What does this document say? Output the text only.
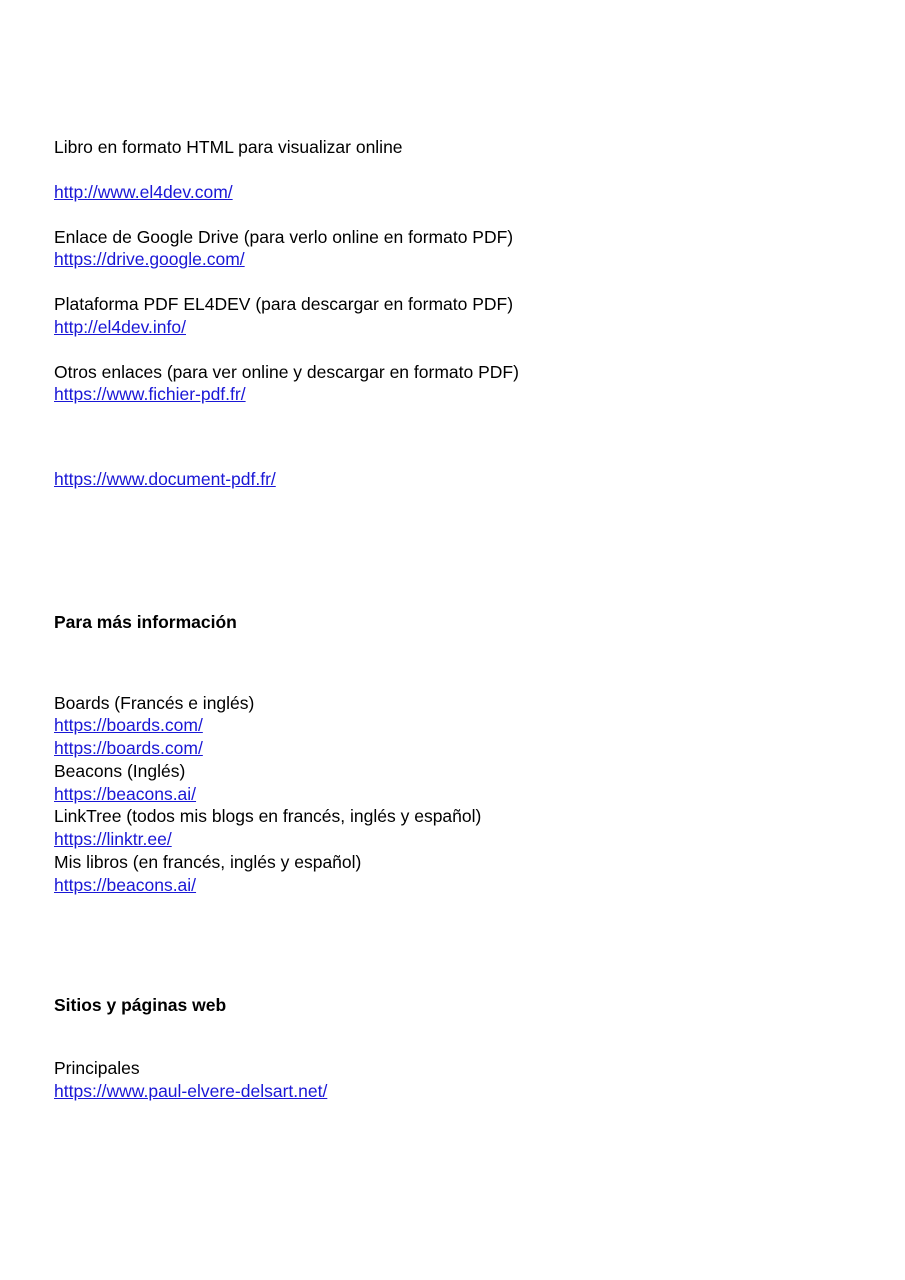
Libro en formato HTML para visualizar online
http://www.el4dev.com/
Enlace de Google Drive (para verlo online en formato PDF)
https://drive.google.com/
Plataforma PDF EL4DEV (para descargar en formato PDF)
http://el4dev.info/
Otros enlaces (para ver online y descargar en formato PDF)
https://www.fichier-pdf.fr/
https://www.document-pdf.fr/
Para más información
Boards (Francés e inglés)
https://boards.com/
https://boards.com/
Beacons (Inglés)
https://beacons.ai/
LinkTree (todos mis blogs en francés, inglés y español)
https://linktr.ee/
Mis libros (en francés, inglés y español)
https://beacons.ai/
Sitios y páginas web
Principales
https://www.paul-elvere-delsart.net/
